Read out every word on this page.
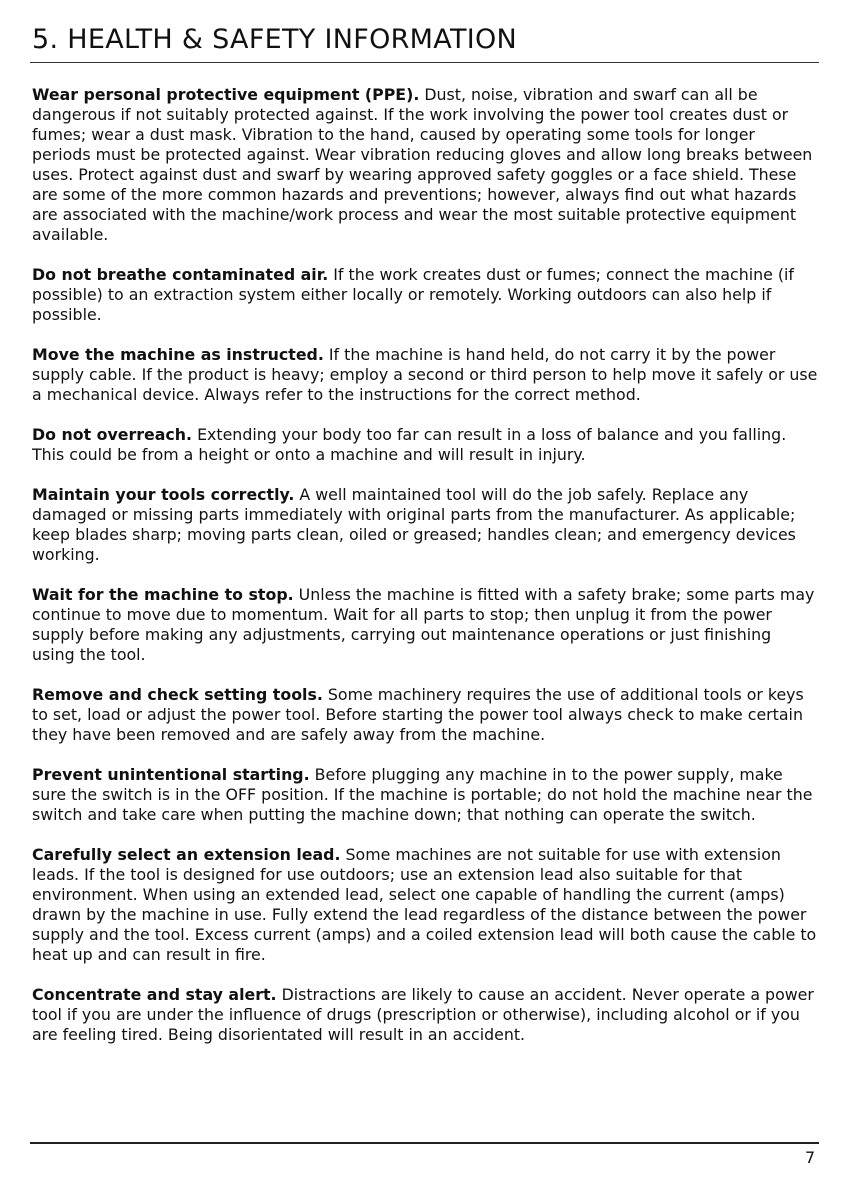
5. HEALTH & SAFETY INFORMATION

Wear personal protective equipment (PPE). Dust, noise, vibration and swarf can all be dangerous if not suitably protected against. If the work involving the power tool creates dust or fumes; wear a dust mask. Vibration to the hand, caused by operating some tools for longer periods must be protected against. Wear vibration reducing gloves and allow long breaks between uses. Protect against dust and swarf by wearing approved safety goggles or a face shield. These are some of the more common hazards and preventions; however, always find out what hazards are associated with the machine/work process and wear the most suitable protective equipment available.

Do not breathe contaminated air. If the work creates dust or fumes; connect the machine (if possible) to an extraction system either locally or remotely. Working outdoors can also help if possible.

Move the machine as instructed. If the machine is hand held, do not carry it by the power supply cable. If the product is heavy; employ a second or third person to help move it safely or use a mechanical device. Always refer to the instructions for the correct method.

Do not overreach. Extending your body too far can result in a loss of balance and you falling. This could be from a height or onto a machine and will result in injury.

Maintain your tools correctly. A well maintained tool will do the job safely. Replace any damaged or missing parts immediately with original parts from the manufacturer. As applicable; keep blades sharp; moving parts clean, oiled or greased; handles clean; and emergency devices working.

Wait for the machine to stop. Unless the machine is fitted with a safety brake; some parts may continue to move due to momentum. Wait for all parts to stop; then unplug it from the power supply before making any adjustments, carrying out maintenance operations or just finishing using the tool.

Remove and check setting tools. Some machinery requires the use of additional tools or keys to set, load or adjust the power tool. Before starting the power tool always check to make certain they have been removed and are safely away from the machine.

Prevent unintentional starting. Before plugging any machine in to the power supply, make sure the switch is in the OFF position. If the machine is portable; do not hold the machine near the switch and take care when putting the machine down; that nothing can operate the switch.

Carefully select an extension lead. Some machines are not suitable for use with extension leads. If the tool is designed for use outdoors; use an extension lead also suitable for that environment. When using an extended lead, select one capable of handling the current (amps) drawn by the machine in use. Fully extend the lead regardless of the distance between the power supply and the tool. Excess current (amps) and a coiled extension lead will both cause the cable to heat up and can result in fire.

Concentrate and stay alert. Distractions are likely to cause an accident. Never operate a power tool if you are under the influence of drugs (prescription or otherwise), including alcohol or if you are feeling tired. Being disorientated will result in an accident.

7
